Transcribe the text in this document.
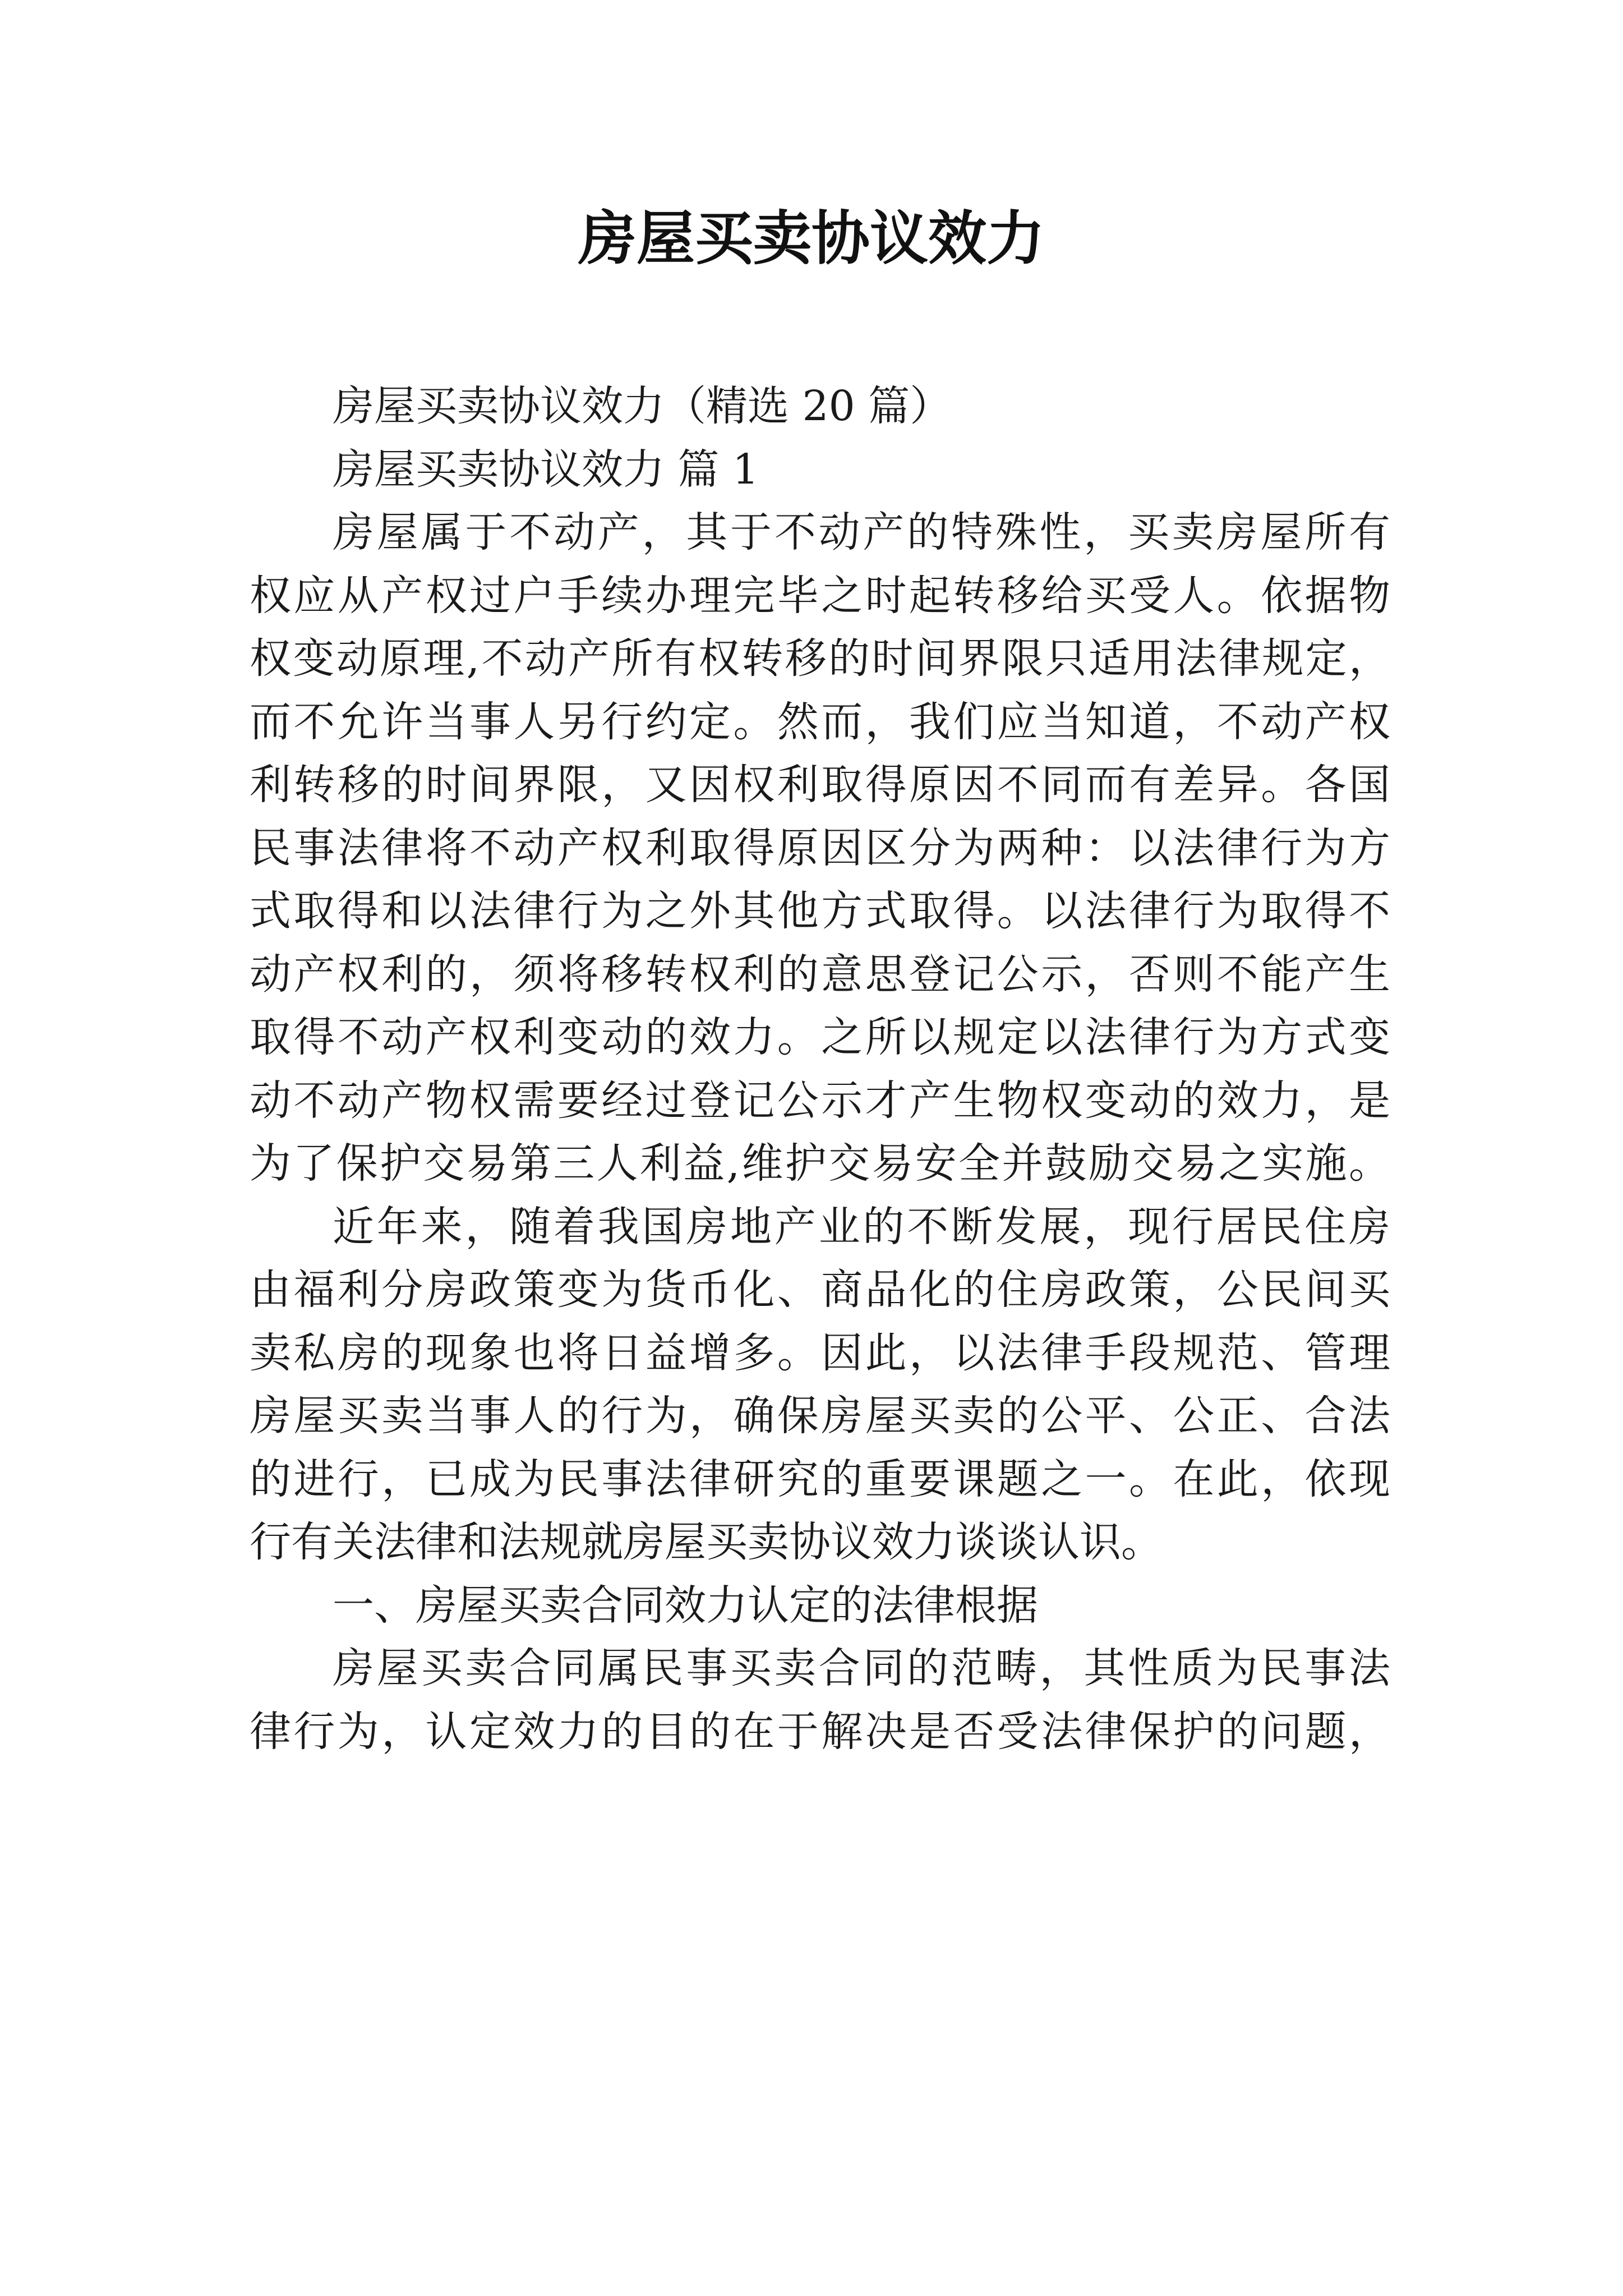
房屋买卖协议效力
房屋买卖协议效力（精选 20 篇）
房屋买卖协议效力 篇 1
房屋属于不动产，其于不动产的特殊性，买卖房屋所有
权应从产权过户手续办理完毕之时起转移给买受人。依据物
权变动原理,不动产所有权转移的时间界限只适用法律规定，
而不允许当事人另行约定。然而，我们应当知道，不动产权
利转移的时间界限，又因权利取得原因不同而有差异。各国
民事法律将不动产权利取得原因区分为两种：以法律行为方
式取得和以法律行为之外其他方式取得。以法律行为取得不
动产权利的，须将移转权利的意思登记公示，否则不能产生
取得不动产权利变动的效力。之所以规定以法律行为方式变
动不动产物权需要经过登记公示才产生物权变动的效力，是
为了保护交易第三人利益,维护交易安全并鼓励交易之实施。
近年来，随着我国房地产业的不断发展，现行居民住房
由福利分房政策变为货币化、商品化的住房政策，公民间买
卖私房的现象也将日益增多。因此，以法律手段规范、管理
房屋买卖当事人的行为，确保房屋买卖的公平、公正、合法
的进行，已成为民事法律研究的重要课题之一。在此，依现
行有关法律和法规就房屋买卖协议效力谈谈认识。
一、房屋买卖合同效力认定的法律根据
房屋买卖合同属民事买卖合同的范畴，其性质为民事法
律行为，认定效力的目的在于解决是否受法律保护的问题，
